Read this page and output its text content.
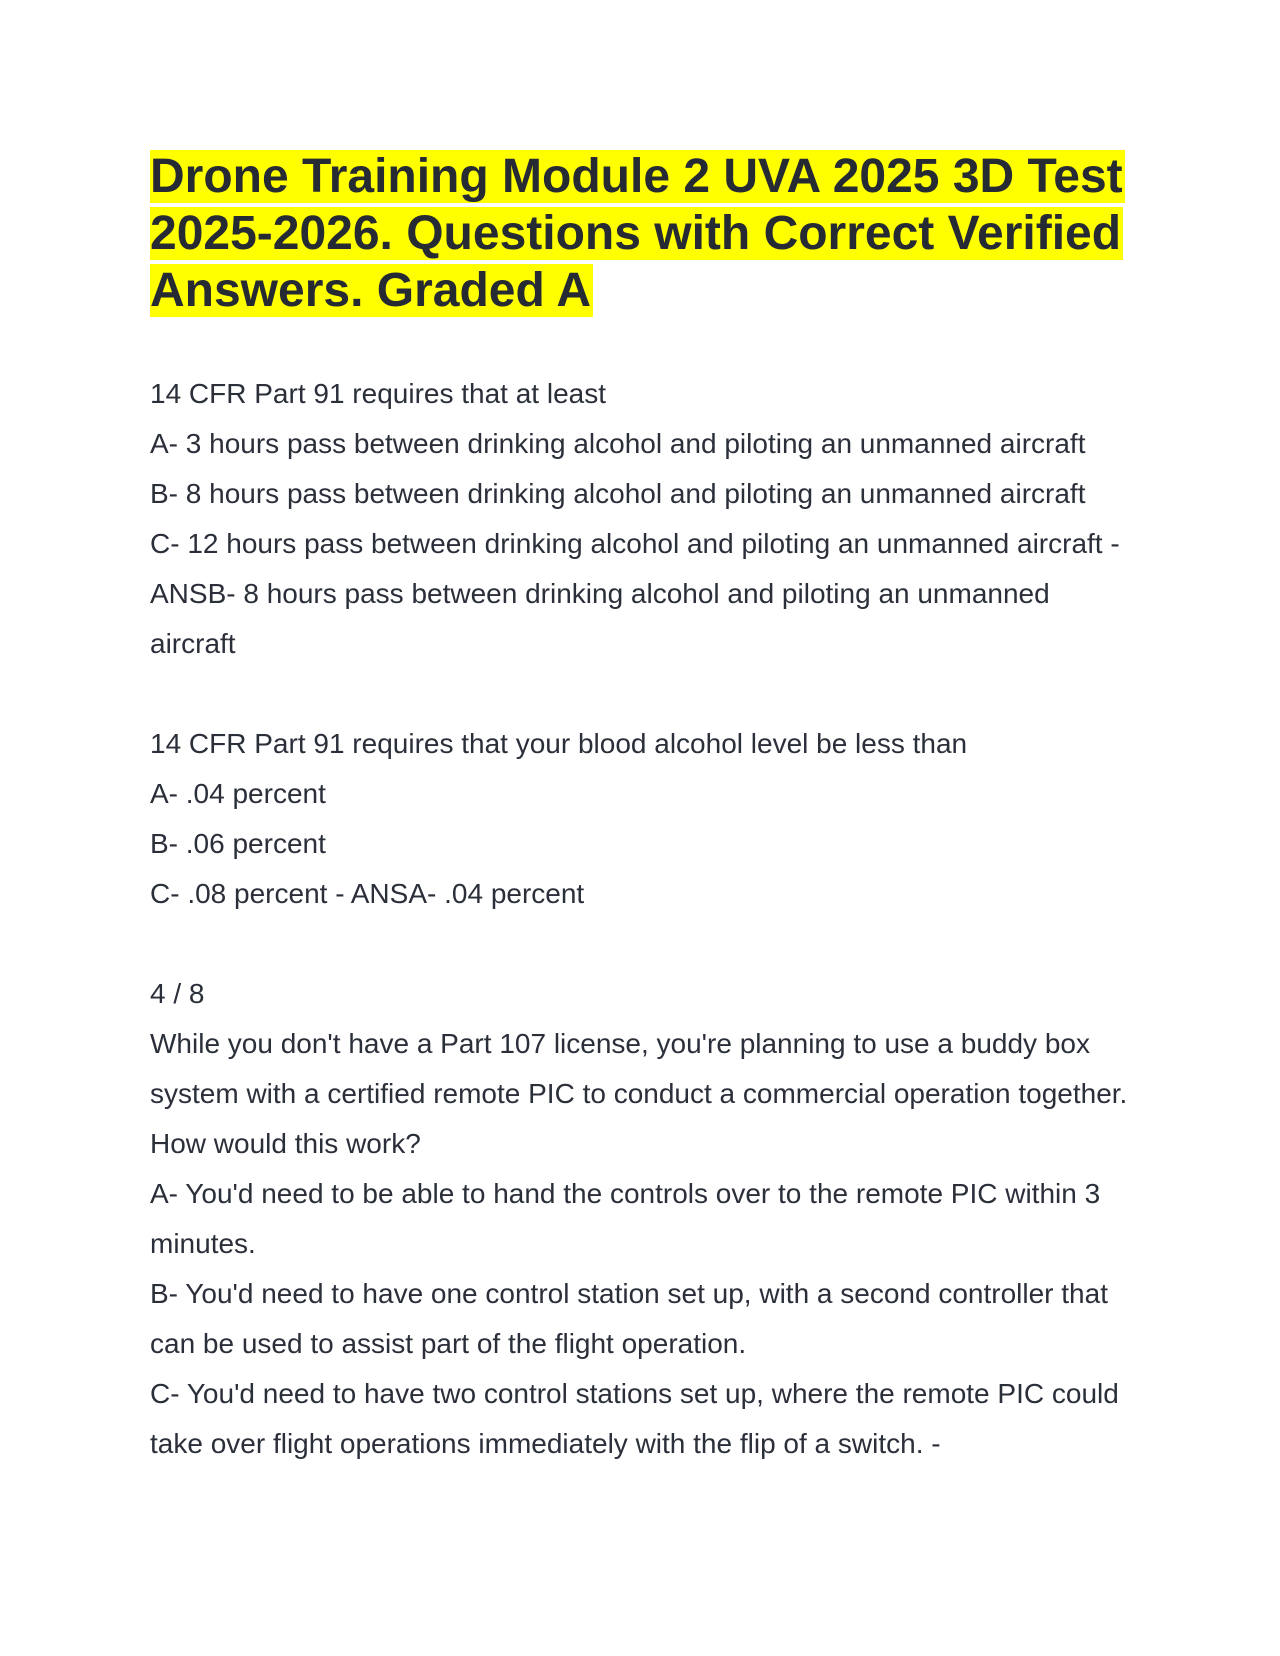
Drone Training Module 2 UVA 2025 3D Test 2025-2026. Questions with Correct Verified Answers. Graded A

14 CFR Part 91 requires that at least

A- 3 hours pass between drinking alcohol and piloting an unmanned aircraft

B- 8 hours pass between drinking alcohol and piloting an unmanned aircraft

C- 12 hours pass between drinking alcohol and piloting an unmanned aircraft - ANSB- 8 hours pass between drinking alcohol and piloting an unmanned aircraft

14 CFR Part 91 requires that your blood alcohol level be less than

A- .04 percent

B- .06 percent

C- .08 percent - ANSA- .04 percent

4 / 8

While you don't have a Part 107 license, you're planning to use a buddy box system with a certified remote PIC to conduct a commercial operation together. How would this work?

A- You'd need to be able to hand the controls over to the remote PIC within 3 minutes.

B- You'd need to have one control station set up, with a second controller that can be used to assist part of the flight operation.

C- You'd need to have two control stations set up, where the remote PIC could take over flight operations immediately with the flip of a switch. -
